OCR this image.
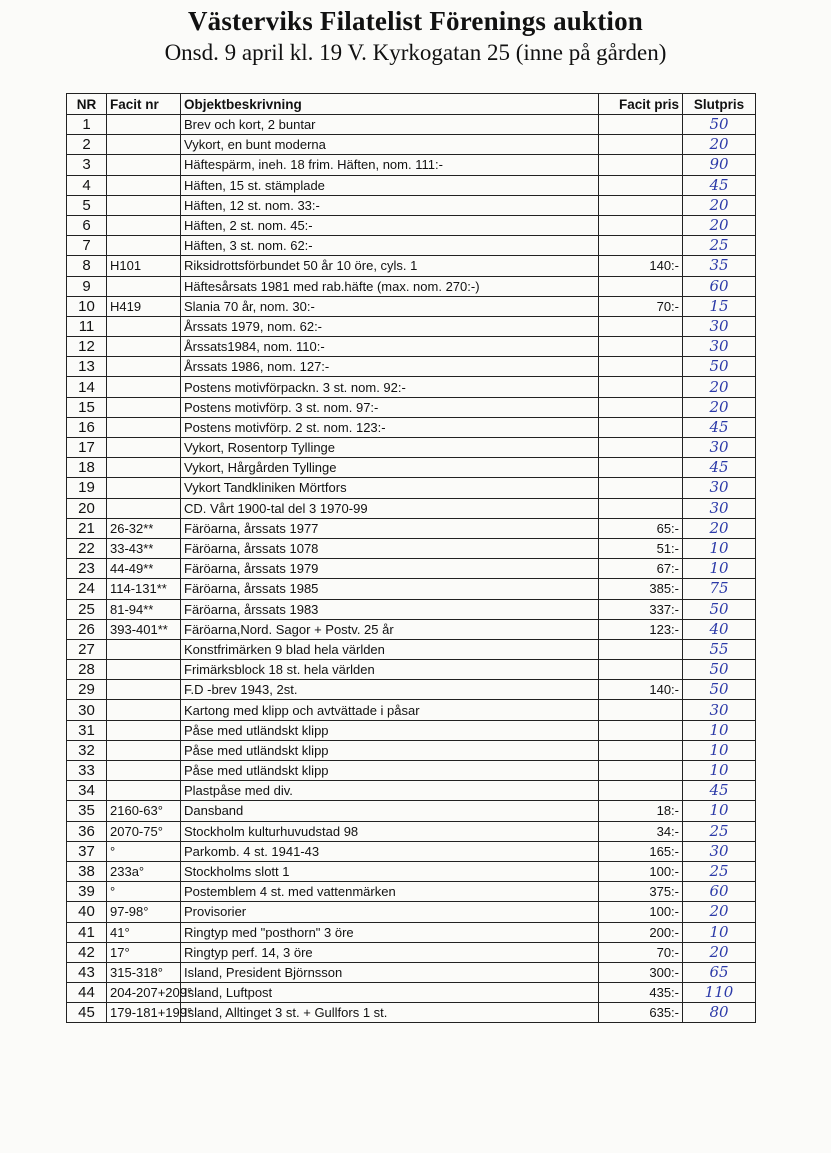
Västerviks Filatelist Förenings auktion
Onsd. 9 april kl. 19 V. Kyrkogatan 25 (inne på gården)
NR	Facit nr	Objektbeskrivning	Facit pris	Slutpris
1		Brev och kort, 2 buntar		50
2		Vykort, en bunt moderna		20
3		Häftespärm, ineh. 18 frim. Häften, nom. 111:-		90
4		Häften, 15 st. stämplade		45
5		Häften, 12 st. nom. 33:-		20
6		Häften, 2 st. nom. 45:-		20
7		Häften, 3 st. nom. 62:-		25
8	H101	Riksidrottsförbundet 50 år 10 öre, cyls. 1	140:-	35
9		Häftesårsats 1981 med rab.häfte (max. nom. 270:-)		60
10	H419	Slania 70 år, nom. 30:-	70:-	15
11		Årssats 1979, nom. 62:-		30
12		Årssats1984, nom. 110:-		30
13		Årssats 1986, nom. 127:-		50
14		Postens motivförpackn. 3 st. nom. 92:-		20
15		Postens motivförp. 3 st. nom. 97:-		20
16		Postens motivförp. 2 st. nom. 123:-		45
17		Vykort, Rosentorp Tyllinge		30
18		Vykort, Hårgården Tyllinge		45
19		Vykort Tandkliniken Mörtfors		30
20		CD. Vårt 1900-tal del 3 1970-99		30
21	26-32**	Färöarna, årssats 1977	65:-	20
22	33-43**	Färöarna, årssats 1078	51:-	10
23	44-49**	Färöarna, årssats 1979	67:-	10
24	114-131**	Färöarna, årssats 1985	385:-	75
25	81-94**	Färöarna, årssats 1983	337:-	50
26	393-401**	Färöarna,Nord. Sagor + Postv. 25 år	123:-	40
27		Konstfrimärken 9 blad hela världen		55
28		Frimärksblock 18 st. hela världen		50
29		F.D -brev 1943, 2st.	140:-	50
30		Kartong med klipp och avtvättade i påsar		30
31		Påse med utländskt klipp		10
32		Påse med utländskt klipp		10
33		Påse med utländskt klipp		10
34		Plastpåse med div.		45
35	2160-63°	Dansband	18:-	10
36	2070-75°	Stockholm kulturhuvudstad 98	34:-	25
37	°	Parkomb. 4 st. 1941-43	165:-	30
38	233a°	Stockholms slott 1	100:-	25
39	°	Postemblem 4 st. med vattenmärken	375:-	60
40	97-98°	Provisorier	100:-	20
41	41°	Ringtyp med "posthorn" 3 öre	200:-	10
42	17°	Ringtyp perf. 14, 3 öre	70:-	20
43	315-318°	Island, President Björnsson	300:-	65
44	204-207+209°	Island, Luftpost	435:-	110
45	179-181+199°	Island, Alltinget 3 st. + Gullfors 1 st.	635:-	80
